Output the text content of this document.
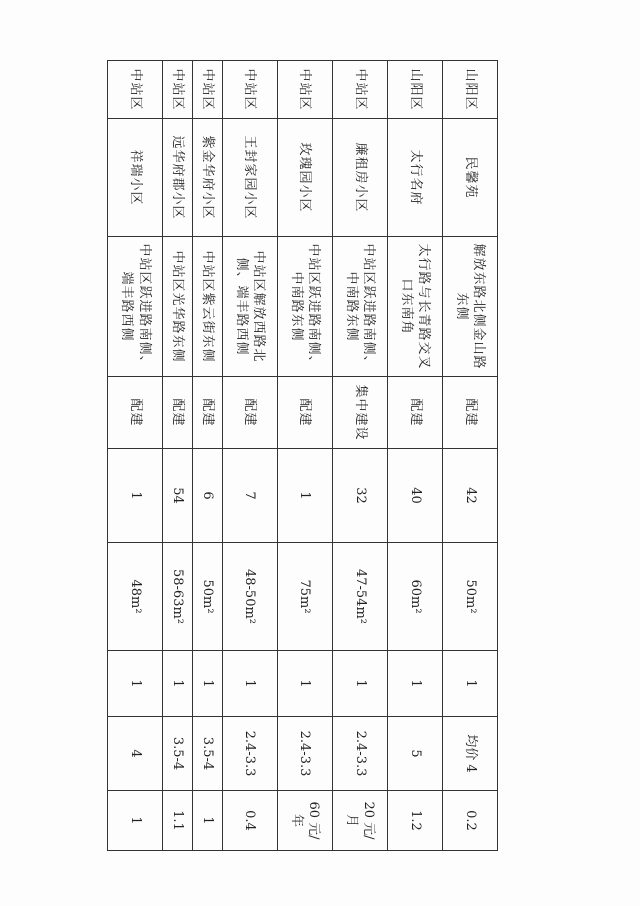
山阳区	民馨苑	解放东路北侧金山路东侧	配建	42	50m²	1	均价 4	0.2
山阳区	太行名府	太行路与长青路交叉口东南角	配建	40	60m²	1	5	1.2
中站区	廉租房小区	中站区跃进路南侧、中南路东侧	集中建设	32	47-54m²	1	2.4-3.3	20 元/月
中站区	玫瑰园小区	中站区跃进路南侧、中南路东侧	配建	1	75m²	1	2.4-3.3	60 元/年
中站区	王封家园小区	中站区解放西路北侧、端丰路西侧	配建	7	48-50m²	1	2.4-3.3	0.4
中站区	紫金华府小区	中站区紫云街东侧	配建	6	50m²	1	3.5-4	1
中站区	远华府郡小区	中站区光华路东侧	配建	54	58-63m²	1	3.5-4	1.1
中站区	祥瑞小区	中站区跃进路南侧、端丰路西侧	配建	1	48m²	1	4	1
